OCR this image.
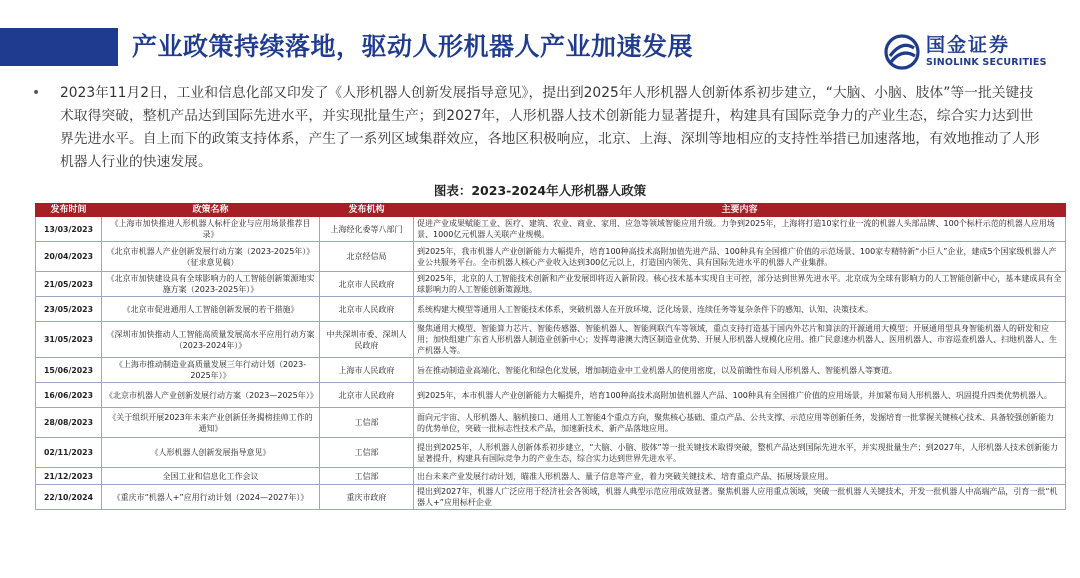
产业政策持续落地，驱动人形机器人产业加速发展	国金证券
SINOLINK SECURITIES
•	2023年11月2日，工业和信息化部又印发了《人形机器人创新发展指导意见》，提出到2025年人形机器人创新体系初步建立，“大脑、小脑、肢体”等一批关键技术取得突破，整机产品达到国际先进水平，并实现批量生产；到2027年，人形机器人技术创新能力显著提升，构建具有国际竞争力的产业生态，综合实力达到世界先进水平。自上而下的政策支持体系，产生了一系列区域集群效应，各地区积极响应，北京、上海、深圳等地相应的支持性举措已加速落地，有效地推动了人形机器人行业的快速发展。
图表：2023-2024年人形机器人政策
发布时间	政策名称	发布机构	主要内容
13/03/2023	《上海市加快推进人形机器人标杆企业与应用场景推荐目录》	上海经化委等八部门	促进产业成果赋能工业、医疗、建筑、农业、商业、家用、应急等领域智能应用升级。力争到2025年，上海将打造10家行业一流的机器人头部品牌、100个标杆示范的机器人应用场景、1000亿元机器人关联产业规模。
20/04/2023	《北京市机器人产业创新发展行动方案（2023-2025年）》（征求意见稿）	北京经信局	到2025年，我市机器人产业创新能力大幅提升，培育100种高技术高附加值先进产品、100种具有全国推广价值的示范场景、100家专精特新“小巨人”企业，建成5个国家级机器人产业公共服务平台。全市机器人核心产业收入达到300亿元以上，打造国内领先、具有国际先进水平的机器人产业集群。
21/05/2023	《北京市加快建设具有全球影响力的人工智能创新策源地实施方案（2023-2025年）》	北京市人民政府	到2025年，北京的人工智能技术创新和产业发展即将迈入新阶段。核心技术基本实现自主可控，部分达到世界先进水平。北京成为全球有影响力的人工智能创新中心，基本建成具有全球影响力的人工智能创新策源地。
23/05/2023	《北京市促进通用人工智能创新发展的若干措施》	北京市人民政府	系统构建大模型等通用人工智能技术体系，突破机器人在开放环境、泛化场景、连续任务等复杂条件下的感知、认知、决策技术。
31/05/2023	《深圳市加快推动人工智能高质量发展高水平应用行动方案（2023-2024年）》	中共深圳市委、深圳人民政府	聚焦通用大模型、智能算力芯片、智能传感器、智能机器人、智能网联汽车等领域，重点支持打造基于国内外芯片和算法的开源通用大模型；开展通用型具身智能机器人的研发和应用；加快组建广东省人形机器人制造业创新中心；发挥粤港澳大湾区制造业优势、开展人形机器人规模化应用。推广民意速办机器人、医用机器人、市容巡查机器人、扫地机器人、生产机器人等。
15/06/2023	《上海市推动制造业高质量发展三年行动计划（2023-2025年）》	上海市人民政府	旨在推动制造业高端化、智能化和绿色化发展，增加制造业中工业机器人的使用密度，以及前瞻性布局人形机器人、智能机器人等赛道。
16/06/2023	《北京市机器人产业创新发展行动方案（2023—2025年）》	北京市人民政府	到2025年，本市机器人产业创新能力大幅提升，培育100种高技术高附加值机器人产品、100种具有全国推广价值的应用场景，并加紧布局人形机器人、巩固提升四类优势机器人。
28/08/2023	《关于组织开展2023年未来产业创新任务揭榜挂帅工作的通知》	工信部	面向元宇宙、人形机器人、脑机接口、通用人工智能4个重点方向，聚焦核心基础、重点产品、公共支撑、示范应用等创新任务，发掘培育一批掌握关键核心技术、具备较强创新能力的优势单位，突破一批标志性技术产品，加速新技术、新产品落地应用。
02/11/2023	《人形机器人创新发展指导意见》	工信部	提出到2025年，人形机器人创新体系初步建立，“大脑、小脑、肢体”等一批关键技术取得突破，整机产品达到国际先进水平，并实现批量生产；到2027年，人形机器人技术创新能力显著提升，构建具有国际竞争力的产业生态，综合实力达到世界先进水平。
21/12/2023	全国工业和信息化工作会议	工信部	出台未来产业发展行动计划，瞄准人形机器人、量子信息等产业，着力突破关键技术、培育重点产品、拓展场景应用。
22/10/2024	《重庆市“机器人+”应用行动计划（2024—2027年）》	重庆市政府	提出到2027年，机器人广泛应用于经济社会各领域，机器人典型示范应用成效显著。聚焦机器人应用重点领域，突破一批机器人关键技术，开发一批机器人中高端产品，引育一批“机器人+”应用标杆企业
